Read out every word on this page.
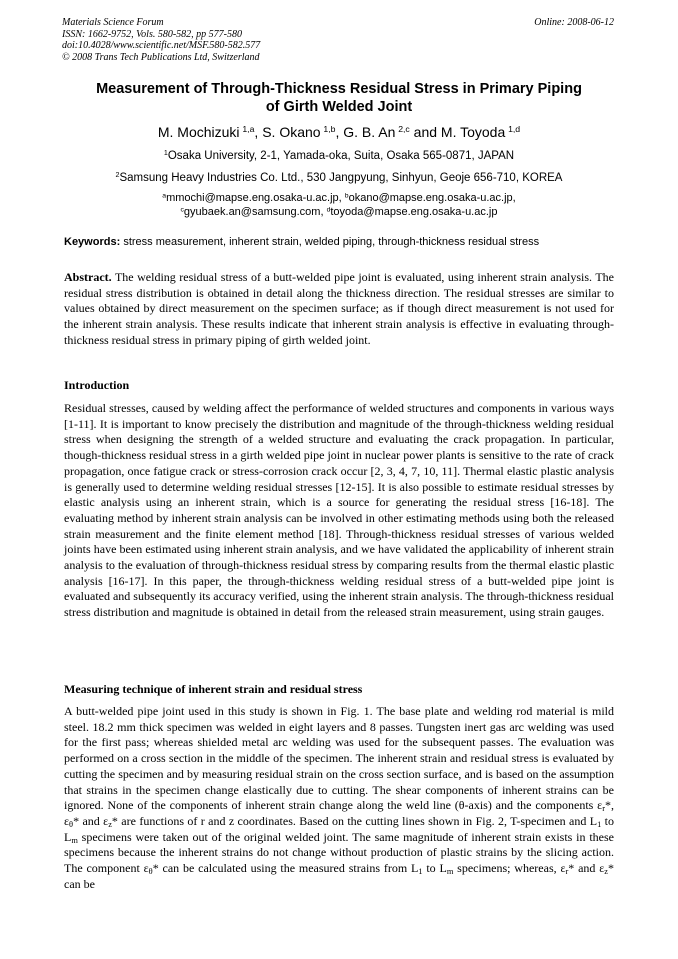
Materials Science Forum
ISSN: 1662-9752, Vols. 580-582, pp 577-580
doi:10.4028/www.scientific.net/MSF.580-582.577
© 2008 Trans Tech Publications Ltd, Switzerland
Online: 2008-06-12
Measurement of Through-Thickness Residual Stress in Primary Piping
of Girth Welded Joint
M. Mochizuki  $^{1,a}$, S. Okano  $^{1,b}$, G. B. An  $^{2,c}$ and M. Toyoda  $^{1,d}$
$^1$Osaka University, 2-1, Yamada-oka, Suita, Osaka 565-0871, JAPAN
$^2$Samsung Heavy Industries Co. Ltd., 530 Jangpyung, Sinhyun, Geoje 656-710, KOREA
$^a$mmochi@mapse.eng.osaka-u.ac.jp, $^b$okano@mapse.eng.osaka-u.ac.jp,
$^c$gyubaek.an@samsung.com, $^d$toyoda@mapse.eng.osaka-u.ac.jp
Keywords: stress measurement, inherent strain, welded piping, through-thickness residual stress
Abstract. The welding residual stress of a butt-welded pipe joint is evaluated, using inherent strain analysis. The residual stress distribution is obtained in detail along the thickness direction. The residual stresses are similar to values obtained by direct measurement on the specimen surface; as if though direct measurement is not used for the inherent strain analysis. These results indicate that inherent strain analysis is effective in evaluating through-thickness residual stress in primary piping of girth welded joint.
Introduction
Residual stresses, caused by welding affect the performance of welded structures and components in various ways [1-11]. It is important to know precisely the distribution and magnitude of the through-thickness welding residual stress when designing the strength of a welded structure and evaluating the crack propagation. In particular, though-thickness residual stress in a girth welded pipe joint in nuclear power plants is sensitive to the rate of crack propagation, once fatigue crack or stress-corrosion crack occur [2, 3, 4, 7, 10, 11]. Thermal elastic plastic analysis is generally used to determine welding residual stresses [12-15]. It is also possible to estimate residual stresses by elastic analysis using an inherent strain, which is a source for generating the residual stress [16-18]. The evaluating method by inherent strain analysis can be involved in other estimating methods using both the released strain measurement and the finite element method [18]. Through-thickness residual stresses of various welded joints have been estimated using inherent strain analysis, and we have validated the applicability of inherent strain analysis to the evaluation of through-thickness residual stress by comparing results from the thermal elastic plastic analysis [16-17]. In this paper, the through-thickness welding residual stress of a butt-welded pipe joint is evaluated and subsequently its accuracy verified, using the inherent strain analysis. The through-thickness residual stress distribution and magnitude is obtained in detail from the released strain measurement, using strain gauges.
Measuring technique of inherent strain and residual stress
A butt-welded pipe joint used in this study is shown in Fig. 1. The base plate and welding rod material is mild steel. 18.2 mm thick specimen was welded in eight layers and 8 passes. Tungsten inert gas arc welding was used for the first pass; whereas shielded metal arc welding was used for the subsequent passes. The evaluation was performed on a cross section in the middle of the specimen. The inherent strain and residual stress is evaluated by cutting the specimen and by measuring residual strain on the cross section surface, and is based on the assumption that strains in the specimen change elastically due to cutting. The shear components of inherent strains can be ignored. None of the components of inherent strain change along the weld line (θ-axis) and the components $\varepsilon_r*$, $\varepsilon_\theta*$ and $\varepsilon_z*$ are functions of r and z coordinates. Based on the cutting lines shown in Fig. 2, T-specimen and $L_1$ to $L_m$ specimens were taken out of the original welded joint. The same magnitude of inherent strain exists in these specimens because the inherent strains do not change without production of plastic strains by the slicing action. The component $\varepsilon_\theta*$ can be calculated using the measured strains from $L_1$ to $L_m$ specimens; whereas, $\varepsilon_r*$ and $\varepsilon_z*$ can be
